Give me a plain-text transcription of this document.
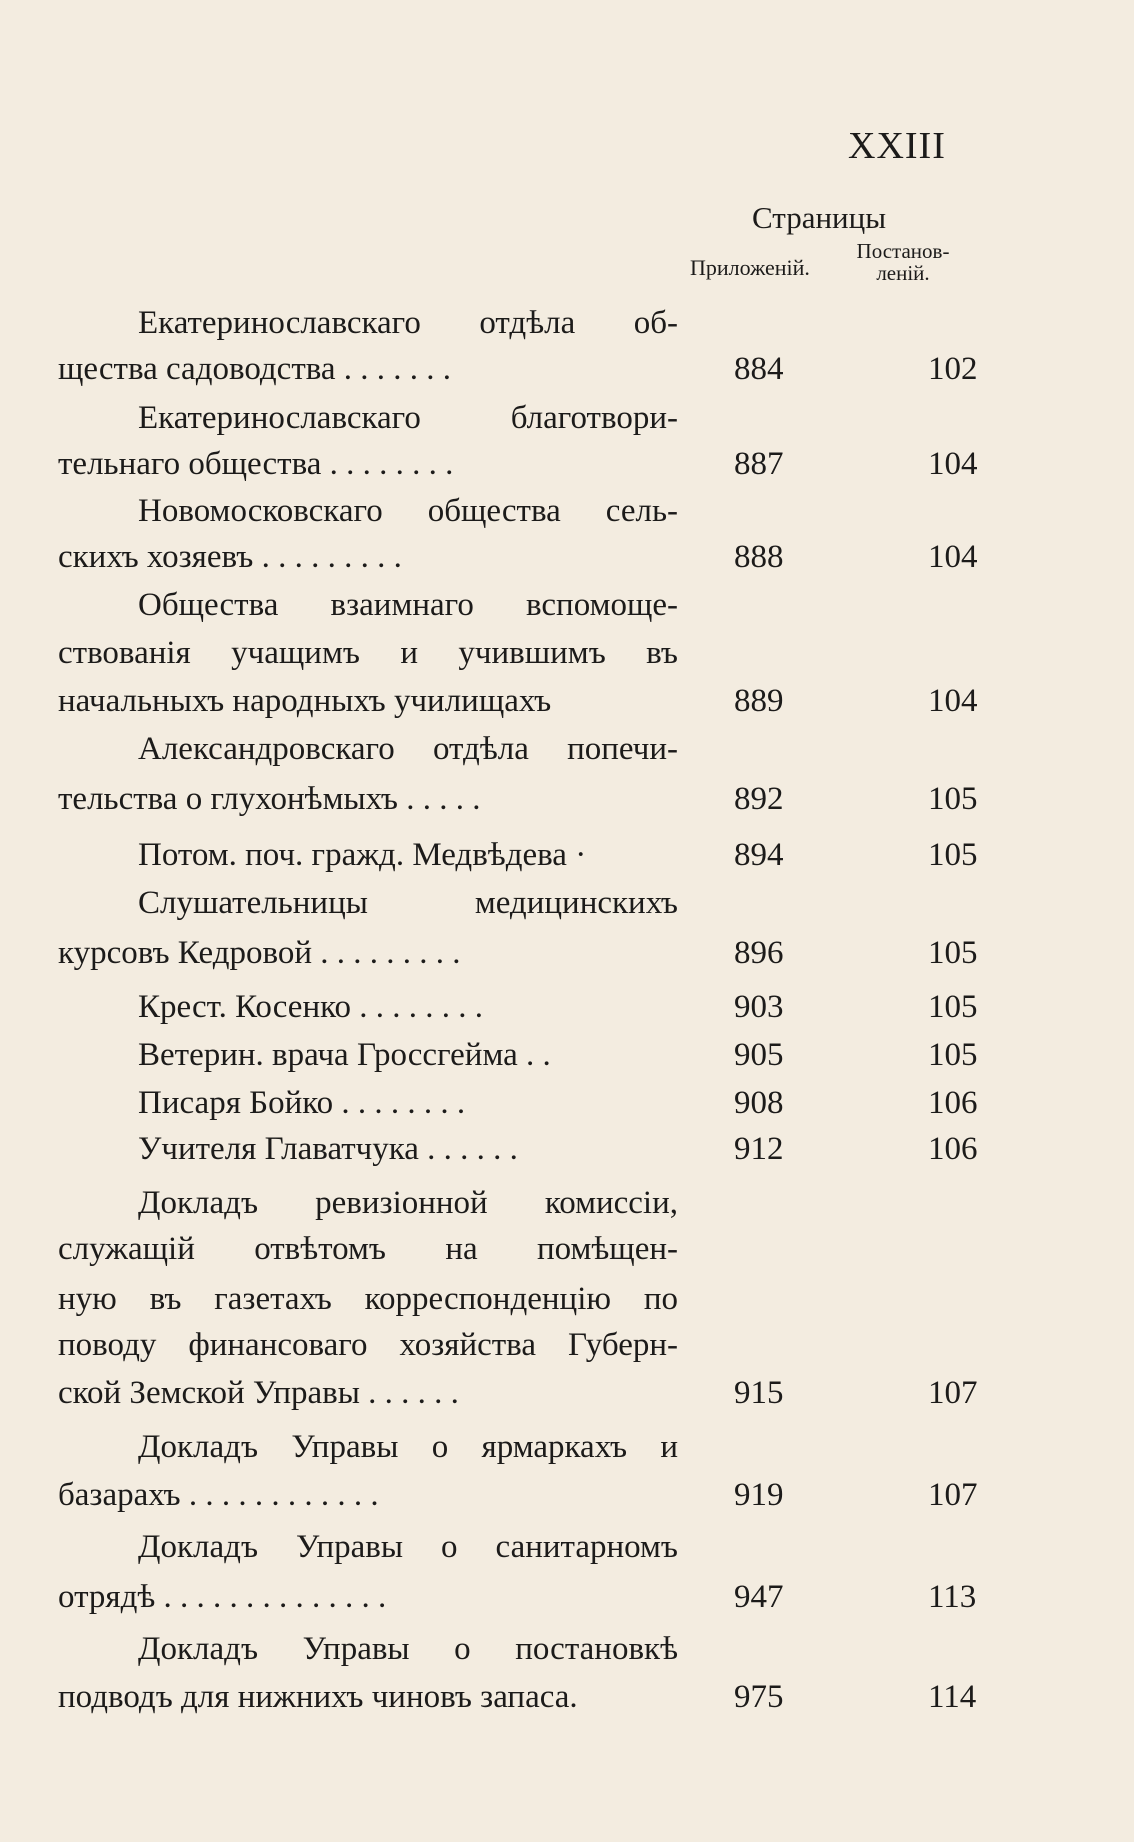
XXIII
Страницы
Приложеній.
Постанов-
леній.
Екатеринославскаго отдѣла об-
щества садоводства . . . . . . .	884	102
Екатеринославскаго благотвори-
тельнаго общества . . . . . . . .	887	104
Новомосковскаго общества сель-
скихъ хозяевъ . . . . . . . . .	888	104
Общества взаимнаго вспомоще-
ствованія учащимъ и учившимъ въ
начальныхъ народныхъ училищахъ	889	104
Александровскаго отдѣла попечи-
тельства о глухонѣмыхъ . . . . .	892	105
Потом. поч. гражд. Медвѣдева ·	894	105
Слушательницы медицинскихъ
курсовъ Кедровой . . . . . . . . .	896	105
Крест. Косенко . . . . . . . .	903	105
Ветерин. врача Гроссгейма . .	905	105
Писаря Бойко . . . . . . . .	908	106
Учителя Главатчука . . . . . .	912	106
Докладъ ревизіонной комиссіи,
служащій отвѣтомъ на помѣщен-
ную въ газетахъ корреспонденцію по
поводу финансоваго хозяйства Губерн-
ской Земской Управы . . . . . .	915	107
Докладъ Управы о ярмаркахъ и
базарахъ . . . . . . . . . . . .	919	107
Докладъ Управы о санитарномъ
отрядѣ . . . . . . . . . . . . . .	947	113
Докладъ Управы о постановкѣ
подводъ для нижнихъ чиновъ запаса.	975	114
